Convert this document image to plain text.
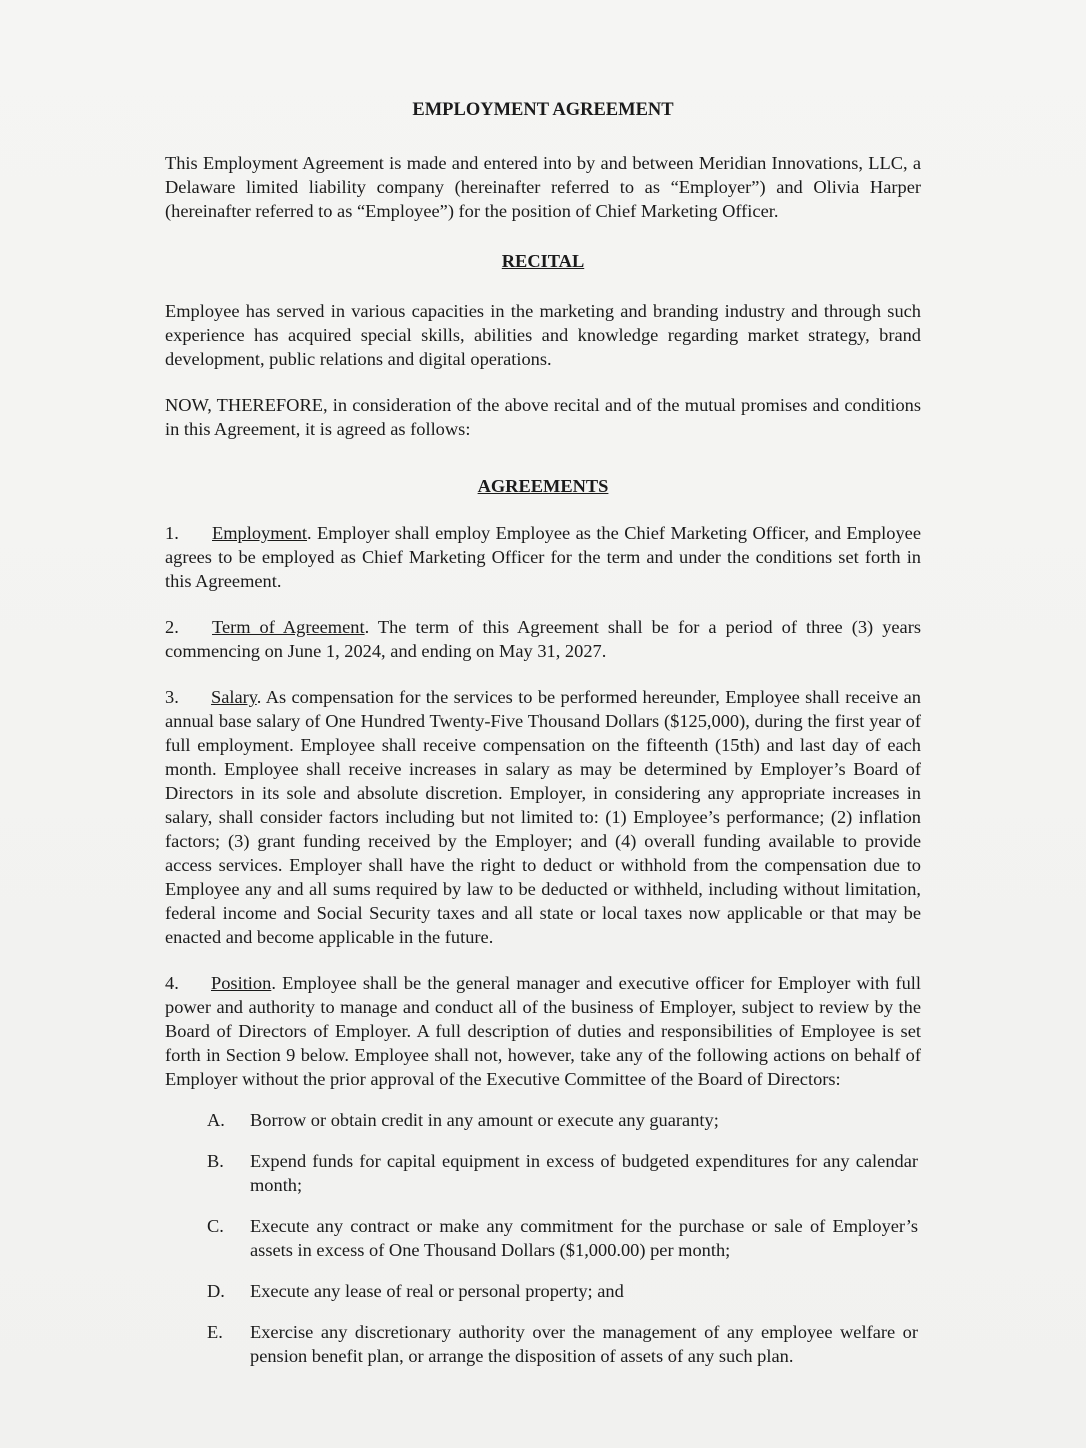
EMPLOYMENT AGREEMENT

This Employment Agreement is made and entered into by and between Meridian Innovations, LLC, a Delaware limited liability company (hereinafter referred to as “Employer”) and Olivia Harper (hereinafter referred to as “Employee”) for the position of Chief Marketing Officer.

RECITAL

Employee has served in various capacities in the marketing and branding industry and through such experience has acquired special skills, abilities and knowledge regarding market strategy, brand development, public relations and digital operations.

NOW, THEREFORE, in consideration of the above recital and of the mutual promises and conditions in this Agreement, it is agreed as follows:

AGREEMENTS

1. Employment. Employer shall employ Employee as the Chief Marketing Officer, and Employee agrees to be employed as Chief Marketing Officer for the term and under the conditions set forth in this Agreement.

2. Term of Agreement. The term of this Agreement shall be for a period of three (3) years commencing on June 1, 2024, and ending on May 31, 2027.

3. Salary. As compensation for the services to be performed hereunder, Employee shall receive an annual base salary of One Hundred Twenty-Five Thousand Dollars ($125,000), during the first year of full employment. Employee shall receive compensation on the fifteenth (15th) and last day of each month. Employee shall receive increases in salary as may be determined by Employer’s Board of Directors in its sole and absolute discretion. Employer, in considering any appropriate increases in salary, shall consider factors including but not limited to: (1) Employee’s performance; (2) inflation factors; (3) grant funding received by the Employer; and (4) overall funding available to provide access services. Employer shall have the right to deduct or withhold from the compensation due to Employee any and all sums required by law to be deducted or withheld, including without limitation, federal income and Social Security taxes and all state or local taxes now applicable or that may be enacted and become applicable in the future.

4. Position. Employee shall be the general manager and executive officer for Employer with full power and authority to manage and conduct all of the business of Employer, subject to review by the Board of Directors of Employer. A full description of duties and responsibilities of Employee is set forth in Section 9 below. Employee shall not, however, take any of the following actions on behalf of Employer without the prior approval of the Executive Committee of the Board of Directors:

A.	Borrow or obtain credit in any amount or execute any guaranty;
B.	Expend funds for capital equipment in excess of budgeted expenditures for any calendar month;
C.	Execute any contract or make any commitment for the purchase or sale of Employer’s assets in excess of One Thousand Dollars ($1,000.00) per month;
D.	Execute any lease of real or personal property; and
E.	Exercise any discretionary authority over the management of any employee welfare or pension benefit plan, or arrange the disposition of assets of any such plan.
